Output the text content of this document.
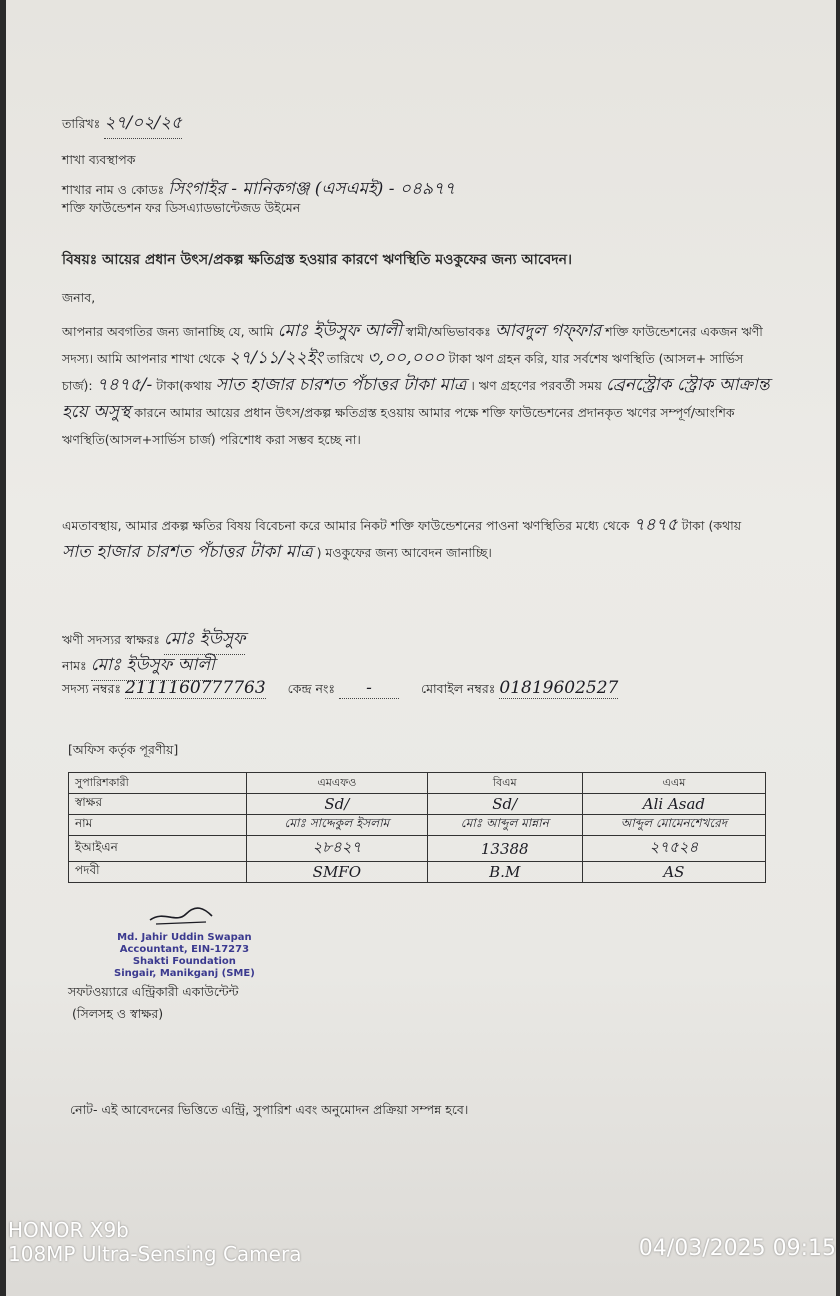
তারিখঃ ২৭/০২/২৫
শাখা ব্যবস্থাপক
শাখার নাম ও কোডঃ সিংগাইর - মানিকগঞ্জ (এসএমই) - ০৪৯৭৭
শক্তি ফাউন্ডেশন ফর ডিসএ্যাডভান্টেজড উইমেন
বিষয়ঃ আয়ের প্রধান উৎস/প্রকল্প ক্ষতিগ্রস্ত হওয়ার কারণে ঋণস্থিতি মওকুফের জন্য আবেদন।
জনাব,
আপনার অবগতির জন্য জানাচ্ছি যে, আমি মোঃ ইউসুফ আলী স্বামী/অভিভাবকঃ আবদুল গফ্ফার শক্তি ফাউন্ডেশনের একজন ঋণী সদস্য। আমি আপনার শাখা থেকে ২৭/১১/২২ইং তারিখে ৩,০০,০০০ টাকা ঋণ গ্রহন করি, যার সর্বশেষ ঋণস্থিতি (আসল+ সার্ভিস চার্জ): ৭৪৭৫/- টাকা(কথায় সাত হাজার চারশত পঁচাত্তর টাকা মাত্র । ঋণ গ্রহণের পরবর্তী সময় ব্রেনস্ট্রোক স্ট্রোক আক্রান্ত হয়ে অসুস্থ কারনে আমার আয়ের প্রধান উৎস/প্রকল্প ক্ষতিগ্রস্ত হওয়ায় আমার পক্ষে শক্তি ফাউন্ডেশনের প্রদানকৃত ঋণের সম্পূর্ণ/আংশিক ঋণস্থিতি(আসল+সার্ভিস চার্জ) পরিশোধ করা সম্ভব হচ্ছে না।
এমতাবস্থায়, আমার প্রকল্প ক্ষতির বিষয় বিবেচনা করে আমার নিকট শক্তি ফাউন্ডেশনের পাওনা ঋণস্থিতির মধ্যে থেকে ৭৪৭৫ টাকা (কথায় সাত হাজার চারশত পঁচাত্তর টাকা মাত্র ) মওকুফের জন্য আবেদন জানাচ্ছি।
ঋণী সদস্যর স্বাক্ষরঃ মোঃ ইউসুফ
নামঃ মোঃ ইউসুফ আলী
সদস্য নম্বরঃ 2111160777763 কেন্দ্র নংঃ -	মোবাইল নম্বরঃ 01819602527
[অফিস কর্তৃক পূরণীয়]
সুপারিশকারী	এমএফও	বিএম	এএম
স্বাক্ষর	Sd/	Sd/	Ali Asad
নাম	মোঃ সাদ্দেকুল ইসলাম	মোঃ আব্দুল মান্নান	আব্দুল মোমেনশেখরেদ
ইআইএন	২৮৪২৭	13388	২৭৫২৪
পদবী	SMFO	B.M	AS
Md. Jahir Uddin Swapan
Accountant, EIN-17273
Shakti Foundation
Singair, Manikganj (SME)
সফটওয়্যারে এন্ট্রিকারী একাউন্টেন্ট
(সিলসহ ও স্বাক্ষর)
নোট- এই আবেদনের ভিত্তিতে এন্ট্রি, সুপারিশ এবং অনুমোদন প্রক্রিয়া সম্পন্ন হবে।
HONOR X9b
108MP Ultra-Sensing Camera	04/03/2025 09:15
